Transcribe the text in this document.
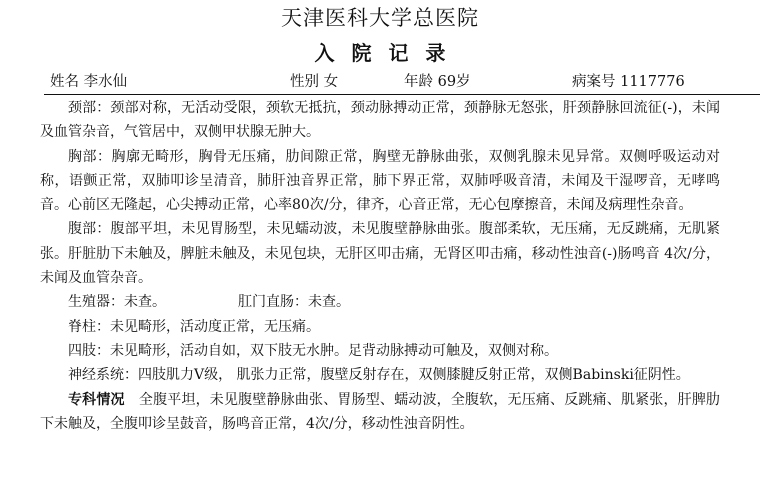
天津医科大学总医院
入 院 记 录
姓名 李水仙	性别 女	年龄 69岁	病案号 1117776

颈部：颈部对称，无活动受限，颈软无抵抗，颈动脉搏动正常，颈静脉无怒张，肝颈静脉回流征(-)，未闻及血管杂音，气管居中，双侧甲状腺无肿大。

胸部：胸廓无畸形，胸骨无压痛，肋间隙正常，胸壁无静脉曲张，双侧乳腺未见异常。双侧呼吸运动对称，语颤正常，双肺叩诊呈清音，肺肝浊音界正常，肺下界正常，双肺呼吸音清，未闻及干湿啰音，无哮鸣音。心前区无隆起，心尖搏动正常，心率80次/分，律齐，心音正常，无心包摩擦音，未闻及病理性杂音。

腹部：腹部平坦，未见胃肠型，未见蠕动波，未见腹壁静脉曲张。腹部柔软，无压痛，无反跳痛，无肌紧张。肝脏肋下未触及，脾脏未触及，未见包块，无肝区叩击痛，无肾区叩击痛，移动性浊音(-)肠鸣音 4次/分，未闻及血管杂音。

生殖器：未查。	肛门直肠：未查。

脊柱：未见畸形，活动度正常，无压痛。

四肢：未见畸形，活动自如，双下肢无水肿。足背动脉搏动可触及，双侧对称。

神经系统：四肢肌力Ⅴ级， 肌张力正常，腹壁反射存在，双侧膝腱反射正常，双侧Babinski征阴性。

专科情况　 全腹平坦，未见腹壁静脉曲张、胃肠型、蠕动波，全腹软，无压痛、反跳痛、肌紧张，肝脾肋下未触及，全腹叩诊呈鼓音，肠鸣音正常，4次/分，移动性浊音阴性。
